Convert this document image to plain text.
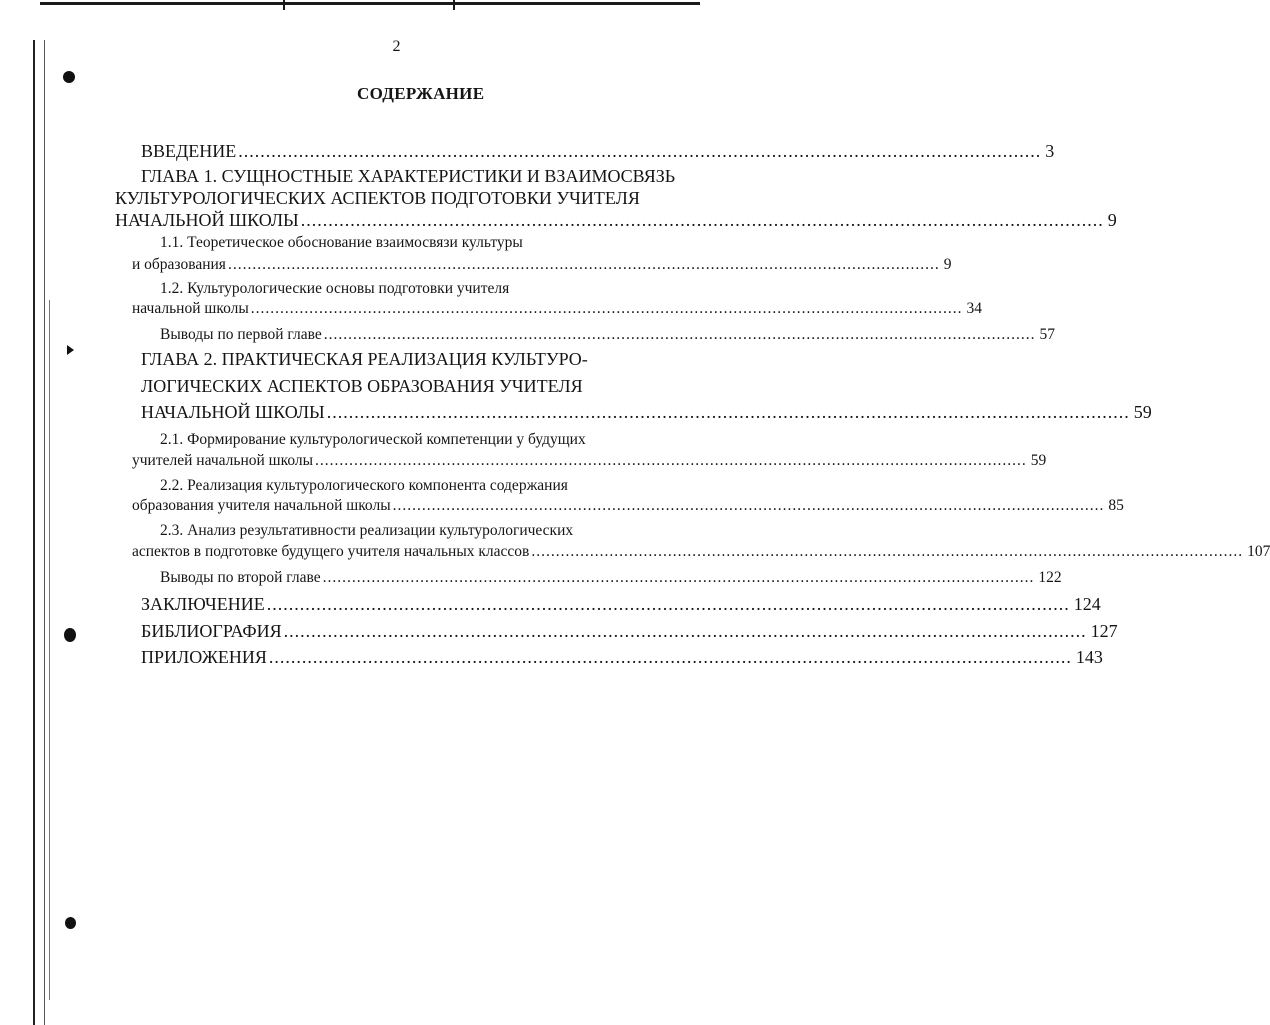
2
СОДЕРЖАНИЕ
ВВЕДЕНИЕ .................................................................................................................................................. 3
ГЛАВА 1. СУЩНОСТНЫЕ ХАРАКТЕРИСТИКИ И ВЗАИМОСВЯЗЬ
КУЛЬТУРОЛОГИЧЕСКИХ АСПЕКТОВ ПОДГОТОВКИ УЧИТЕЛЯ
НАЧАЛЬНОЙ ШКОЛЫ .................................................................................................................................................. 9
1.1. Теоретическое обоснование взаимосвязи культуры
и образования .................................................................................................................................................. 9
1.2. Культурологические основы подготовки учителя
начальной школы .................................................................................................................................................. 34
Выводы по первой главе .................................................................................................................................................. 57
ГЛАВА 2. ПРАКТИЧЕСКАЯ РЕАЛИЗАЦИЯ КУЛЬТУРО-
ЛОГИЧЕСКИХ АСПЕКТОВ ОБРАЗОВАНИЯ УЧИТЕЛЯ
НАЧАЛЬНОЙ ШКОЛЫ .................................................................................................................................................. 59
2.1. Формирование культурологической компетенции у будущих
учителей начальной школы .................................................................................................................................................. 59
2.2. Реализация культурологического компонента содержания
образования учителя начальной школы .................................................................................................................................................. 85
2.3. Анализ результативности реализации культурологических
аспектов в подготовке будущего учителя начальных классов .................................................................................................................................................. 107
Выводы по второй главе .................................................................................................................................................. 122
ЗАКЛЮЧЕНИЕ .................................................................................................................................................. 124
БИБЛИОГРАФИЯ .................................................................................................................................................. 127
ПРИЛОЖЕНИЯ .................................................................................................................................................. 143
